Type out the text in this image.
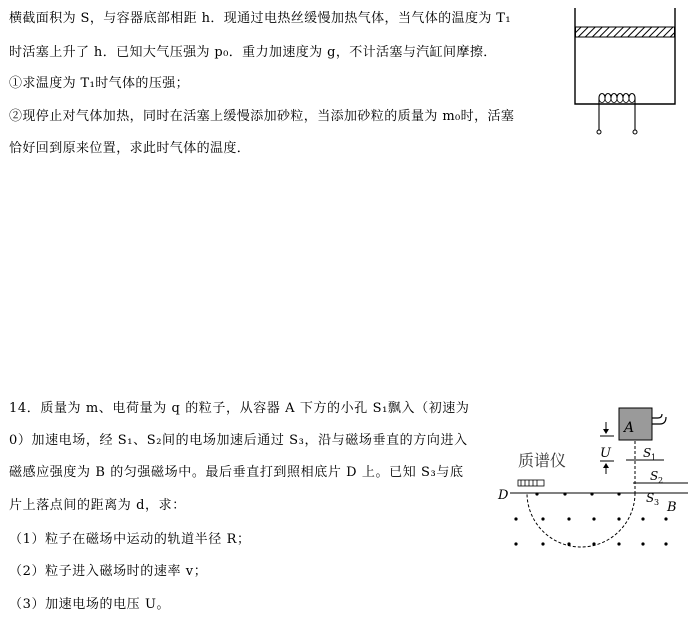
横截面积为 S，与容器底部相距 h．现通过电热丝缓慢加热气体，当气体的温度为 T₁
时活塞上升了 h．已知大气压强为 p₀．重力加速度为 g，不计活塞与汽缸间摩擦．
①求温度为 T₁时气体的压强；
②现停止对气体加热，同时在活塞上缓慢添加砂粒，当添加砂粒的质量为 m₀时，活塞
恰好回到原来位置，求此时气体的温度．
14．质量为 m、电荷量为 q 的粒子，从容器 A 下方的小孔 S₁飘入（初速为
0）加速电场，经 S₁、S₂间的电场加速后通过 S₃，沿与磁场垂直的方向进入
磁感应强度为 B 的匀强磁场中。最后垂直打到照相底片 D 上。已知 S₃与底
片上落点间的距离为 d，求：
（1）粒子在磁场中运动的轨道半径 R；
（2）粒子进入磁场时的速率 v；
（3）加速电场的电压 U。
质谱仪
A
U	S 1
S 2
D	S 3 B
